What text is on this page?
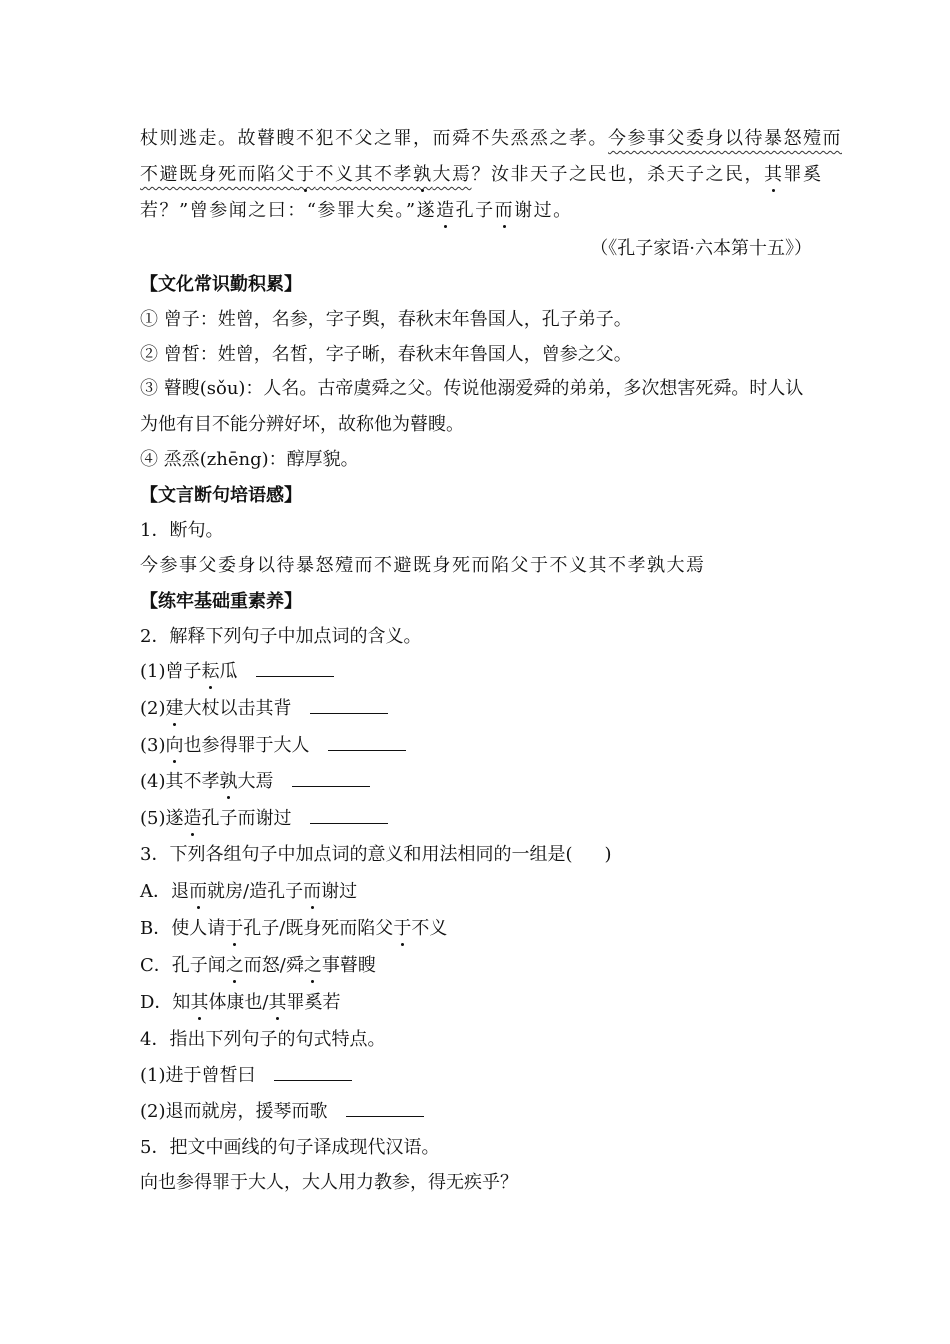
杖则逃走。故瞽瞍不犯不父之罪，而舜不失烝烝之孝。今参事父委身以待暴怒殪而
不避既身死而陷父于不义其不孝孰大焉？汝非天子之民也，杀天子之民，其罪奚
若？”曾参闻之曰：“参罪大矣。”遂造孔子而谢过。
（《孔子家语·六本第十五》）
【文化常识勤积累】
① 曾子：姓曾，名参，字子舆，春秋末年鲁国人，孔子弟子。
② 曾皙：姓曾，名皙，字子晰，春秋末年鲁国人，曾参之父。
③ 瞽瞍(sǒu)：人名。古帝虞舜之父。传说他溺爱舜的弟弟，多次想害死舜。时人认
为他有目不能分辨好坏，故称他为瞽瞍。
④ 烝烝(zhēng)：醇厚貌。
【文言断句培语感】
1．断句。
今参事父委身以待暴怒殪而不避既身死而陷父于不义其不孝孰大焉
【练牢基础重素养】
2．解释下列句子中加点词的含义。
(1)曾子耘瓜
(2)建大杖以击其背
(3)向也参得罪于大人
(4)其不孝孰大焉
(5)遂造孔子而谢过
3．下列各组句子中加点词的意义和用法相同的一组是( )
A．退而就房/造孔子而谢过
B．使人请于孔子/既身死而陷父于不义
C．孔子闻之而怒/舜之事瞽瞍
D．知其体康也/其罪奚若
4．指出下列句子的句式特点。
(1)进于曾皙曰
(2)退而就房，援琴而歌
5．把文中画线的句子译成现代汉语。
向也参得罪于大人，大人用力教参，得无疾乎？
